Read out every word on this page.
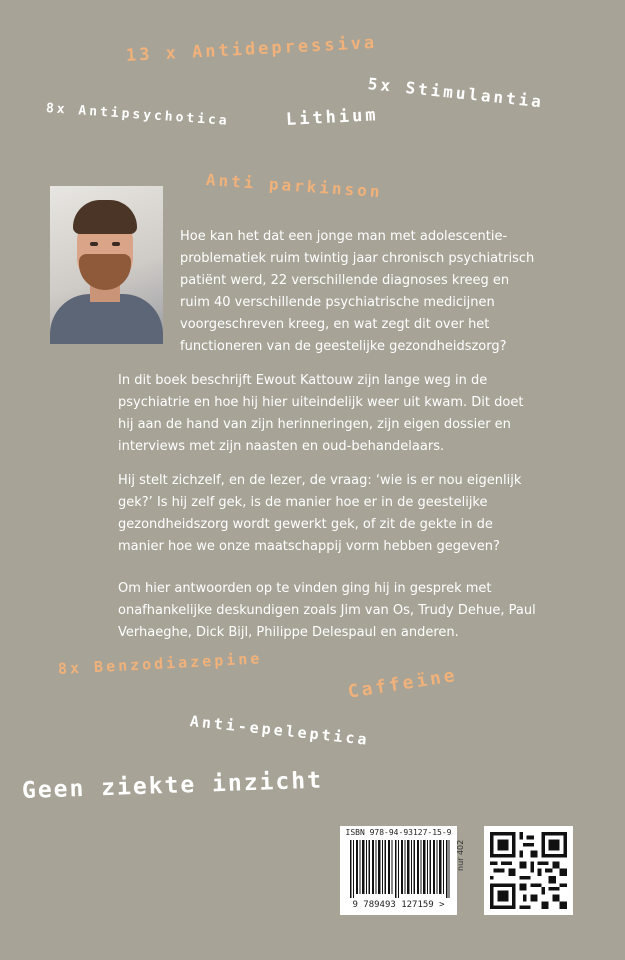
13 x Antidepressiva
5x Stimulantia
8x Antipsychotica	Lithium
Anti parkinson

Hoe kan het dat een jonge man met adolescentie-problematiek ruim twintig jaar chronisch psychiatrisch patiënt werd, 22 verschillende diagnoses kreeg en ruim 40 verschillende psychiatrische medicijnen voorgeschreven kreeg, en wat zegt dit over het functioneren van de geestelijke gezondheidszorg?

In dit boek beschrijft Ewout Kattouw zijn lange weg in de psychiatrie en hoe hij hier uiteindelijk weer uit kwam. Dit doet hij aan de hand van zijn herinneringen, zijn eigen dossier en interviews met zijn naasten en oud-behandelaars.

Hij stelt zichzelf, en de lezer, de vraag: ‘wie is er nou eigenlijk gek?’ Is hij zelf gek, is de manier hoe er in de geestelijke gezondheidszorg wordt gewerkt gek, of zit de gekte in de manier hoe we onze maatschappij vorm hebben gegeven?

Om hier antwoorden op te vinden ging hij in gesprek met onafhankelijke deskundigen zoals Jim van Os, Trudy Dehue, Paul Verhaeghe, Dick Bijl, Philippe Delespaul en anderen.

8x Benzodiazepine
Caffeïne
Anti-epeleptica
Geen ziekte inzicht
ISBN 978-94-93127-15-9
9 789493 127159 >
nur 402
